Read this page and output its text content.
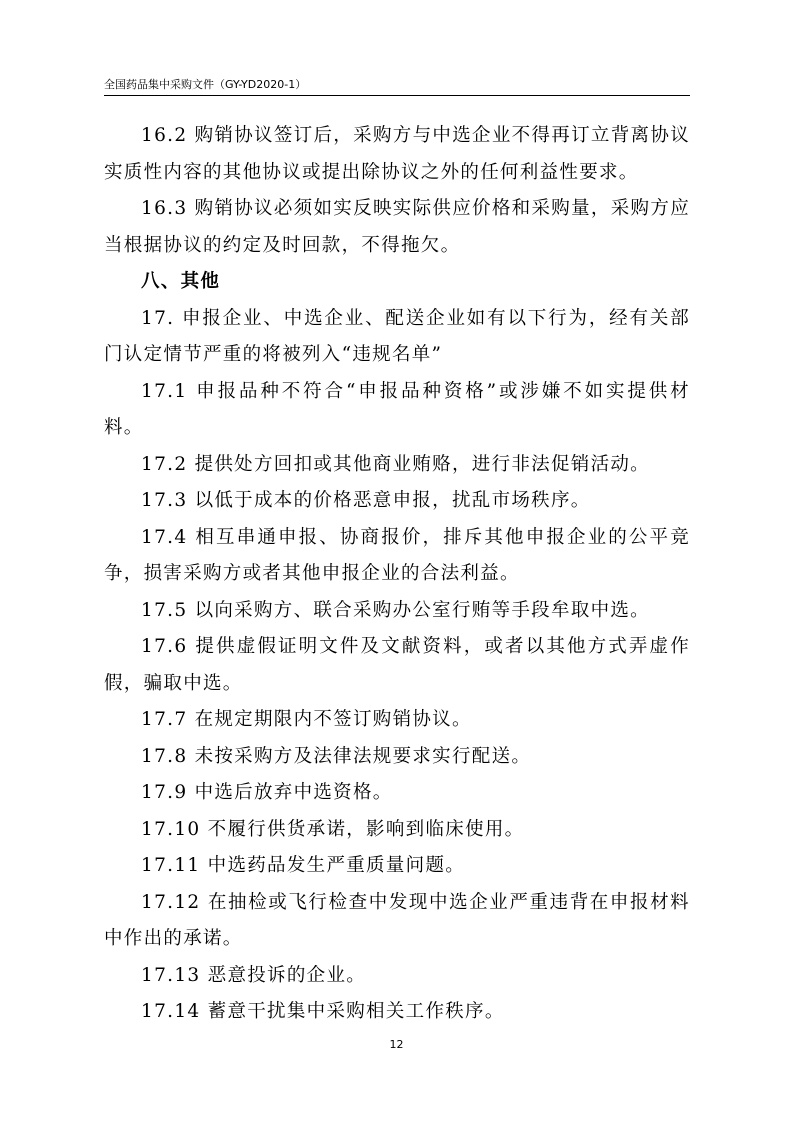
全国药品集中采购文件（GY-YD2020-1）

16.2 购销协议签订后，采购方与中选企业不得再订立背离协议实质性内容的其他协议或提出除协议之外的任何利益性要求。

16.3 购销协议必须如实反映实际供应价格和采购量，采购方应当根据协议的约定及时回款，不得拖欠。

八、其他

17. 申报企业、中选企业、配送企业如有以下行为，经有关部门认定情节严重的将被列入“违规名单”

17.1 申报品种不符合“申报品种资格”或涉嫌不如实提供材料。

17.2 提供处方回扣或其他商业贿赂，进行非法促销活动。

17.3 以低于成本的价格恶意申报，扰乱市场秩序。

17.4 相互串通申报、协商报价，排斥其他申报企业的公平竞争，损害采购方或者其他申报企业的合法利益。

17.5 以向采购方、联合采购办公室行贿等手段牟取中选。

17.6 提供虚假证明文件及文献资料，或者以其他方式弄虚作假，骗取中选。

17.7 在规定期限内不签订购销协议。

17.8 未按采购方及法律法规要求实行配送。

17.9 中选后放弃中选资格。

17.10 不履行供货承诺，影响到临床使用。

17.11 中选药品发生严重质量问题。

17.12 在抽检或飞行检查中发现中选企业严重违背在申报材料中作出的承诺。

17.13 恶意投诉的企业。

17.14 蓄意干扰集中采购相关工作秩序。

12
